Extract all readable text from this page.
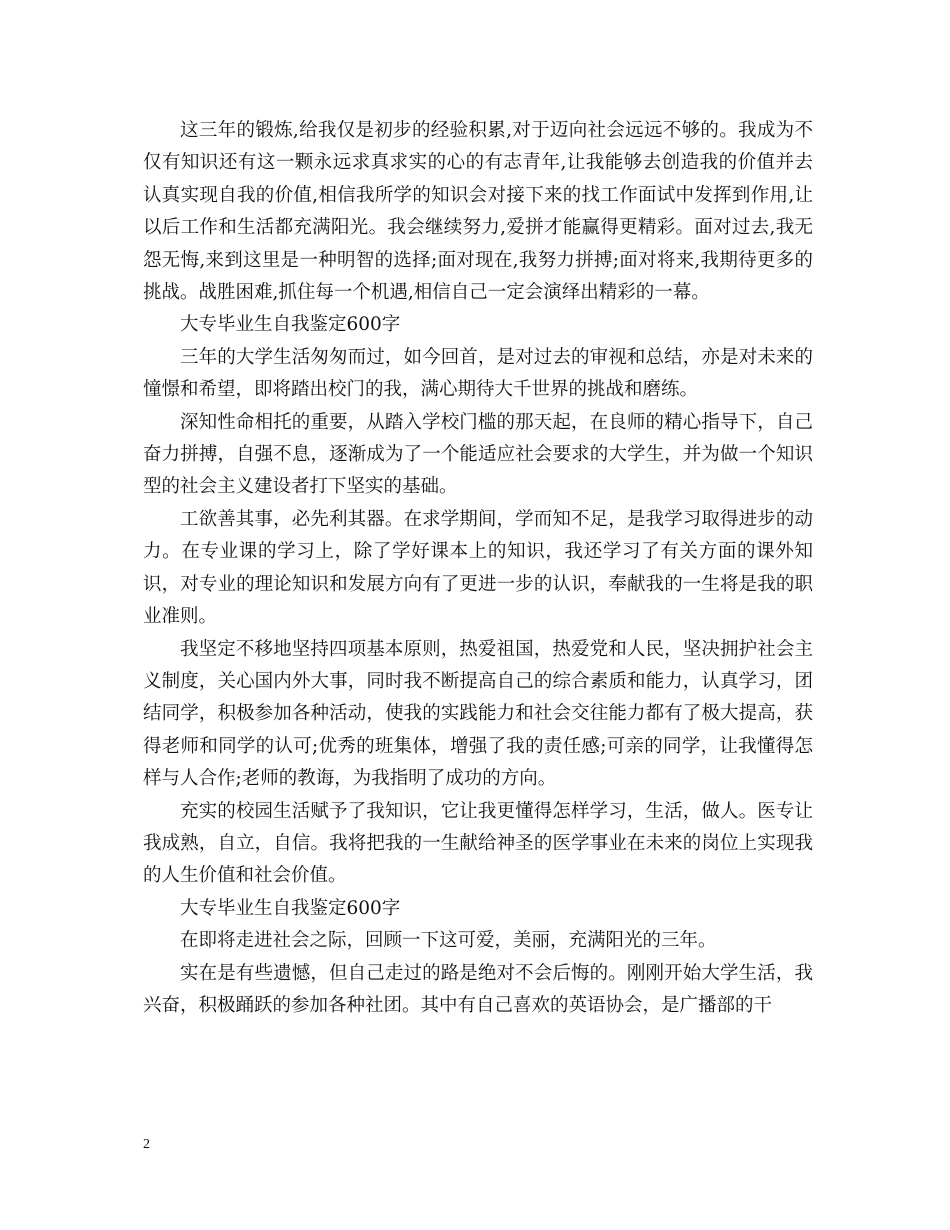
这三年的锻炼,给我仅是初步的经验积累,对于迈向社会远远不够的。我成为不仅有知识还有这一颗永远求真求实的心的有志青年,让我能够去创造我的价值并去认真实现自我的价值,相信我所学的知识会对接下来的找工作面试中发挥到作用,让以后工作和生活都充满阳光。我会继续努力,爱拼才能赢得更精彩。面对过去,我无怨无悔,来到这里是一种明智的选择;面对现在,我努力拼搏;面对将来,我期待更多的挑战。战胜困难,抓住每一个机遇,相信自己一定会演绎出精彩的一幕。

大专毕业生自我鉴定600字

三年的大学生活匆匆而过，如今回首，是对过去的审视和总结，亦是对未来的憧憬和希望，即将踏出校门的我，满心期待大千世界的挑战和磨练。

深知性命相托的重要，从踏入学校门槛的那天起，在良师的精心指导下，自己奋力拼搏，自强不息，逐渐成为了一个能适应社会要求的大学生，并为做一个知识型的社会主义建设者打下坚实的基础。

工欲善其事，必先利其器。在求学期间，学而知不足，是我学习取得进步的动力。在专业课的学习上，除了学好课本上的知识，我还学习了有关方面的课外知识，对专业的理论知识和发展方向有了更进一步的认识，奉献我的一生将是我的职业准则。

我坚定不移地坚持四项基本原则，热爱祖国，热爱党和人民，坚决拥护社会主义制度，关心国内外大事，同时我不断提高自己的综合素质和能力，认真学习，团结同学，积极参加各种活动，使我的实践能力和社会交往能力都有了极大提高，获得老师和同学的认可;优秀的班集体，增强了我的责任感;可亲的同学，让我懂得怎样与人合作;老师的教诲，为我指明了成功的方向。

充实的校园生活赋予了我知识，它让我更懂得怎样学习，生活，做人。医专让我成熟，自立，自信。我将把我的一生献给神圣的医学事业在未来的岗位上实现我的人生价值和社会价值。

大专毕业生自我鉴定600字

在即将走进社会之际，回顾一下这可爱，美丽，充满阳光的三年。

实在是有些遗憾，但自己走过的路是绝对不会后悔的。刚刚开始大学生活，我兴奋，积极踊跃的参加各种社团。其中有自己喜欢的英语协会，是广播部的干

2
